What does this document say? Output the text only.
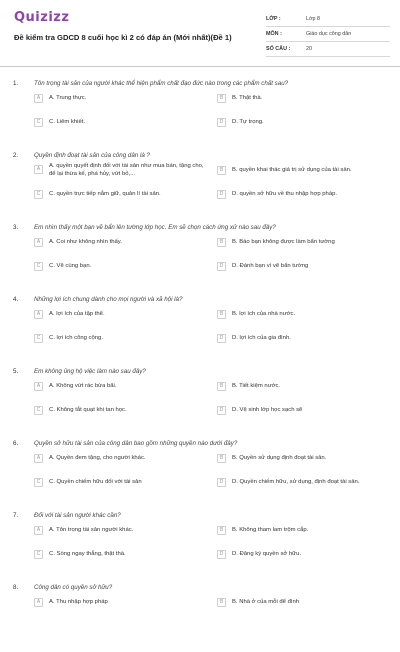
Quizizz
Đề kiểm tra GDCD 8 cuối học kì 2 có đáp án (Mới nhất)(Đề 1)
LỚP :	Lớp 8
MÔN :	Giáo dục công dân
SỐ CÂU :	20
1.	Tôn trọng tài sản của người khác thể hiện phẩm chất đạo đức nào trong các phẩm chất sau?
A	A. Trung thực.	B	B. Thật thà.
C	C. Liêm khiết.	D	D. Tự trọng.
2.	Quyền định đoạt tài sản của công dân là ?
A	A. quyền quyết định đối với tài sản như mua bán, tặng cho, để lại thừa kế, phá hủy, vứt bỏ,...
B	B. quyền khai thác giá trị sử dụng của tài sản.
C	C. quyền trực tiếp nắm giữ, quản lí tài sản.	D	D. quyền sở hữu về thu nhập hợp pháp.
3.	Em nhìn thấy một bạn vẽ bẩn lên tường lớp học. Em sẽ chọn cách ứng xử nào sau đây?
A	A. Coi như không nhìn thấy.	B	B. Báo bạn không được làm bẩn tường
C	C. Vẽ cùng bạn.	D	D. Đánh bạn vì vẽ bẩn tường
4.	Những lợi ích chung dành cho mọi người và xã hội là?
A	A. lợi ích của tập thể.	B	B. lợi ích của nhà nước.
C	C. lợi ích công cộng.	D	D. lợi ích của gia đình.
5.	Em không ủng hộ việc làm nào sau đây?
A	A. Không vứt rác bừa bãi.	B	B. Tiết kiệm nước.
C	C. Không tắt quạt khi tan học.	D	D. Vệ sinh lớp học sạch sẽ
6.	Quyền sở hữu tài sản của công dân bao gồm những quyền nào dưới đây?
A	A. Quyền đem tặng, cho người khác.	B	B. Quyền sử dụng định đoạt tài sản.
C	C. Quyền chiếm hữu đối với tài sản	D	D. Quyền chiếm hữu, sử dụng, định đoạt tài sản.
7.	Đối với tài sản người khác cần?
A	A. Tôn trọng tài sản người khác.	B	B. Không tham lam trộm cắp.
C	C. Sòng ngay thẳng, thật thà.	D	D. Đăng ký quyền sở hữu.
8.	Công dân có quyền sở hữu?
A	A. Thu nhập hợp pháp	B	B. Nhà ở của mỗi để đình
